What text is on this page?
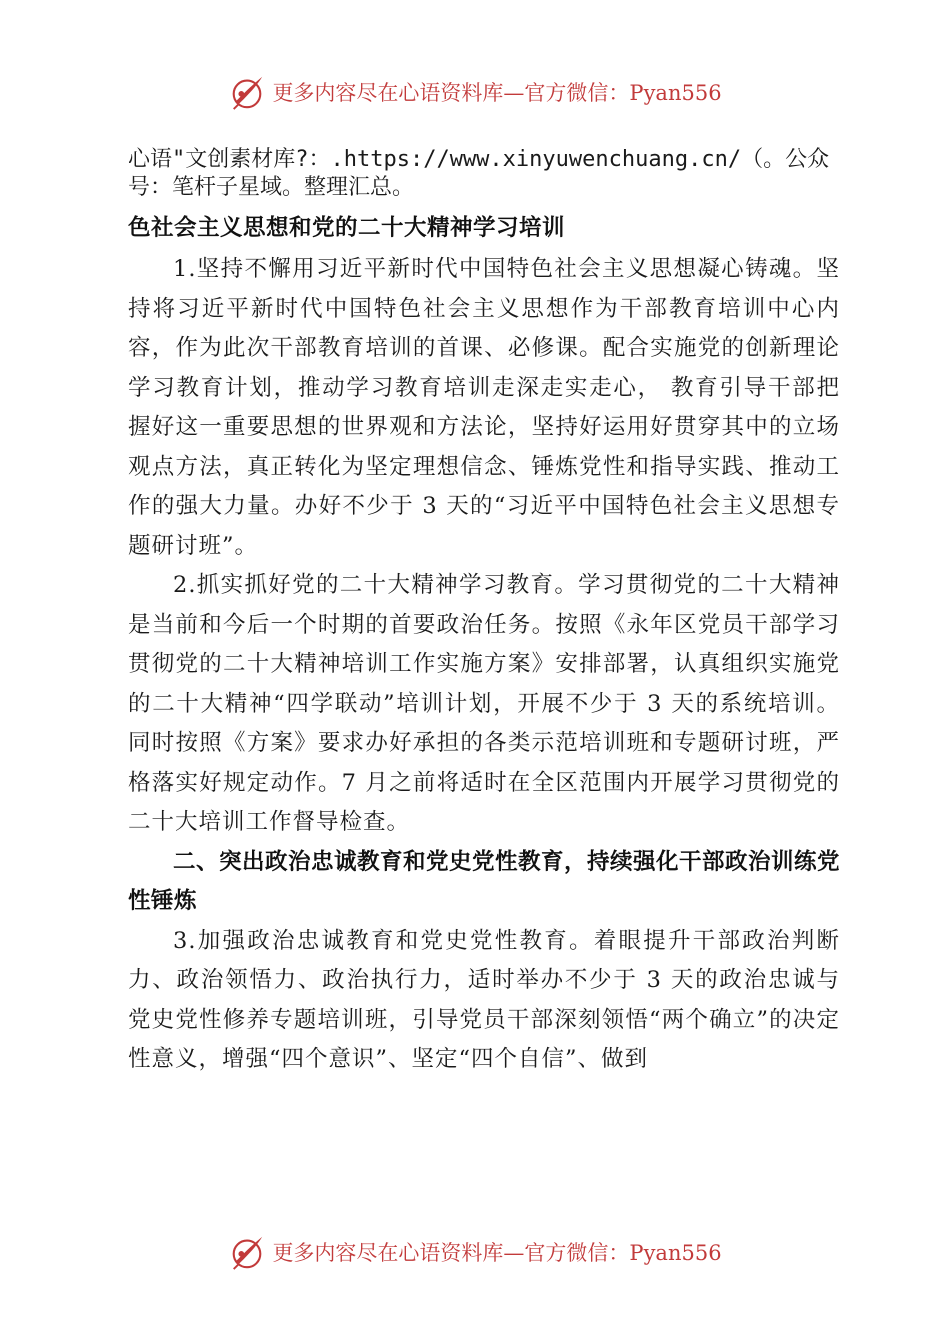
更多内容尽在心语资料库—官方微信：Pyan556

心语"文创素材库?：.https://www.xinyuwenchuang.cn/（。公众号：笔杆子星域。整理汇总。

色社会主义思想和党的二十大精神学习培训

1.坚持不懈用习近平新时代中国特色社会主义思想凝心铸魂。坚持将习近平新时代中国特色社会主义思想作为干部教育培训中心内容，作为此次干部教育培训的首课、必修课。配合实施党的创新理论学习教育计划，推动学习教育培训走深走实走心， 教育引导干部把握好这一重要思想的世界观和方法论，坚持好运用好贯穿其中的立场观点方法，真正转化为坚定理想信念、锤炼党性和指导实践、推动工作的强大力量。办好不少于 3 天的“习近平中国特色社会主义思想专题研讨班”。

2.抓实抓好党的二十大精神学习教育。学习贯彻党的二十大精神是当前和今后一个时期的首要政治任务。按照《永年区党员干部学习贯彻党的二十大精神培训工作实施方案》安排部署，认真组织实施党的二十大精神“四学联动”培训计划，开展不少于 3 天的系统培训。同时按照《方案》要求办好承担的各类示范培训班和专题研讨班，严格落实好规定动作。7 月之前将适时在全区范围内开展学习贯彻党的二十大培训工作督导检查。

二、突出政治忠诚教育和党史党性教育，持续强化干部政治训练党性锤炼

3.加强政治忠诚教育和党史党性教育。着眼提升干部政治判断力、政治领悟力、政治执行力，适时举办不少于 3 天的政治忠诚与党史党性修养专题培训班，引导党员干部深刻领悟“两个确立”的决定性意义，增强“四个意识”、坚定“四个自信”、做到

更多内容尽在心语资料库—官方微信：Pyan556
